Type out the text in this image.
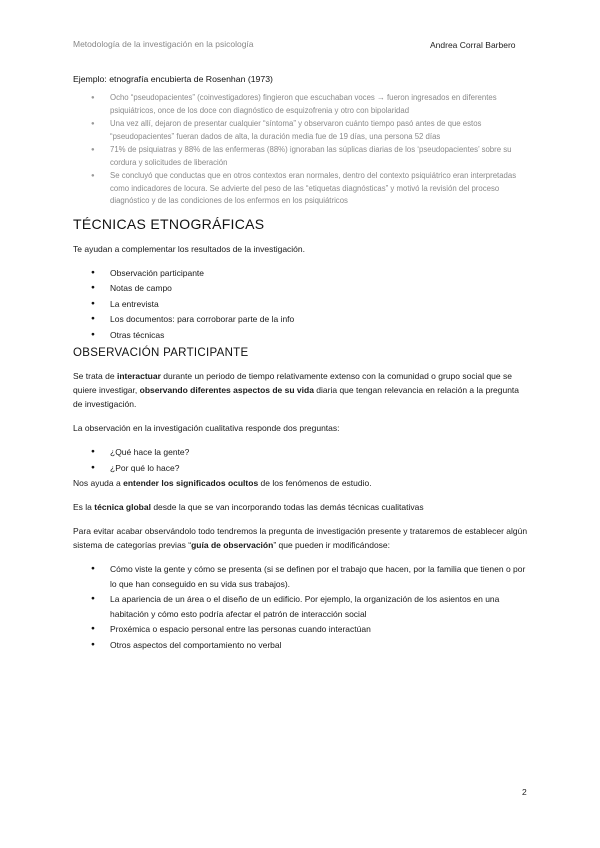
Metodología de la investigación en la psicología	Andrea Corral Barbero

Ejemplo: etnografía encubierta de Rosenhan (1973)

● Ocho “pseudopacientes” (coinvestigadores) fingieron que escuchaban voces → fueron ingresados en diferentes psiquiátricos, once de los doce con diagnóstico de esquizofrenia y otro con bipolaridad
● Una vez allí, dejaron de presentar cualquier “síntoma” y observaron cuánto tiempo pasó antes de que estos “pseudopacientes” fueran dados de alta, la duración media fue de 19 días, una persona 52 días
● 71% de psiquiatras y 88% de las enfermeras (88%) ignoraban las súplicas diarias de los ‘pseudopacientes’ sobre su cordura y solicitudes de liberación
● Se concluyó que conductas que en otros contextos eran normales, dentro del contexto psiquiátrico eran interpretadas como indicadores de locura. Se advierte del peso de las “etiquetas diagnósticas” y motivó la revisión del proceso diagnóstico y de las condiciones de los enfermos en los psiquiátricos
TÉCNICAS ETNOGRÁFICAS

Te ayudan a complementar los resultados de la investigación.

● Observación participante
● Notas de campo
● La entrevista
● Los documentos: para corroborar parte de la info
● Otras técnicas
OBSERVACIÓN PARTICIPANTE

Se trata de interactuar durante un periodo de tiempo relativamente extenso con la comunidad o grupo social que se quiere investigar, observando diferentes aspectos de su vida diaria que tengan relevancia en relación a la pregunta de investigación.

La observación en la investigación cualitativa responde dos preguntas:

● ¿Qué hace la gente?
● ¿Por qué lo hace?

Nos ayuda a entender los significados ocultos de los fenómenos de estudio.

Es la técnica global desde la que se van incorporando todas las demás técnicas cualitativas

Para evitar acabar observándolo todo tendremos la pregunta de investigación presente y trataremos de establecer algún sistema de categorías previas “guía de observación” que pueden ir modificándose:

● Cómo viste la gente y cómo se presenta (si se definen por el trabajo que hacen, por la familia que tienen o por lo que han conseguido en su vida sus trabajos).
● La apariencia de un área o el diseño de un edificio. Por ejemplo, la organización de los asientos en una habitación y cómo esto podría afectar el patrón de interacción social
● Proxémica o espacio personal entre las personas cuando interactúan
● Otros aspectos del comportamiento no verbal
2
